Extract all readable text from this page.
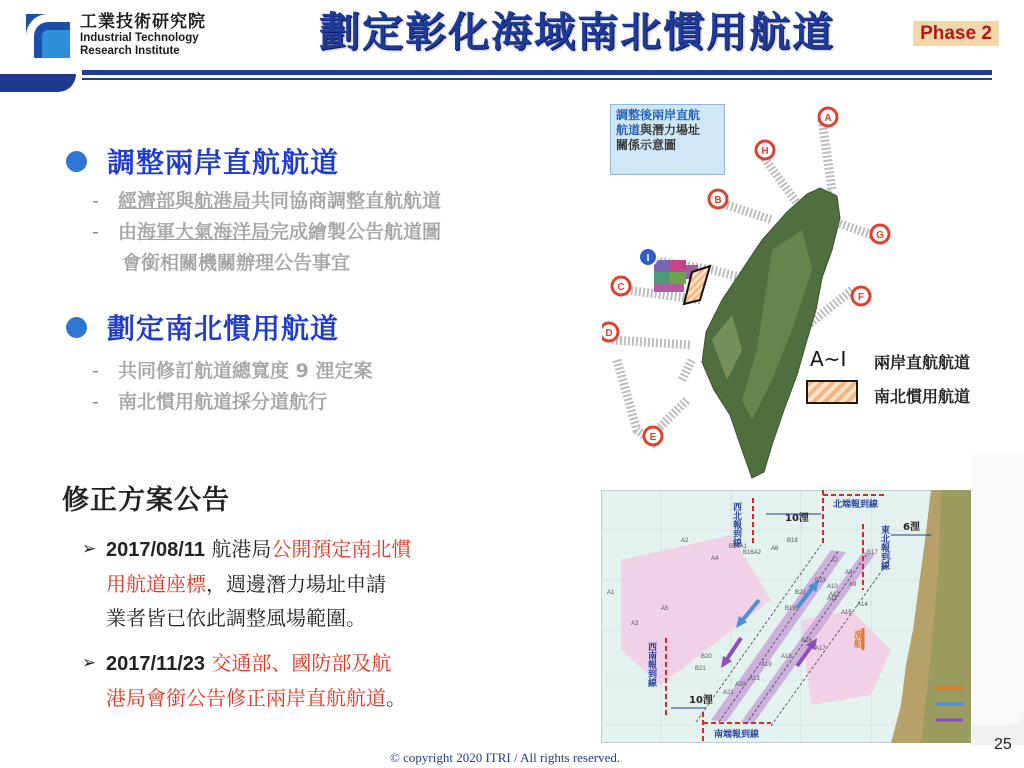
工業技術研究院
Industrial Technology
Research Institute	劃定彰化海域南北慣用航道	Phase 2
調整兩岸直航航道
- 經濟部與航港局共同協商調整直航航道
- 由海軍大氣海洋局完成繪製公告航道圖
會銜相關機關辦理公告事宜
劃定南北慣用航道
- 共同修訂航道總寬度 9 浬定案
- 南北慣用航道採分道航行
修正方案公告
➢ 2017/08/11 航港局公開預定南北慣
用航道座標，週邊潛力場址申請
業者皆已依此調整風場範圍。
➢ 2017/11/23 交通部、國防部及航
港局會銜公告修正兩岸直航航道。
A
H
B
G
I
C
F
D
E
調整後兩岸直航
航道與潛力場址
關係示意圖
A~I 兩岸直航航道
南北慣用航道
西北報到線	北端報到線
東北報到線
西南報到線
南端報到線
10浬
6浬
10浬
漁船
A1
A2
A3
A4
A5
A6
A7
A8
A9
A10
A11
A12
A13
A14
A15
A16
A17
A18
A19
A20
A21
B16A1
B16A2	B17
B18
B19
B20
B21
B22
B23
© copyright 2020 ITRI / All rights reserved.
25
